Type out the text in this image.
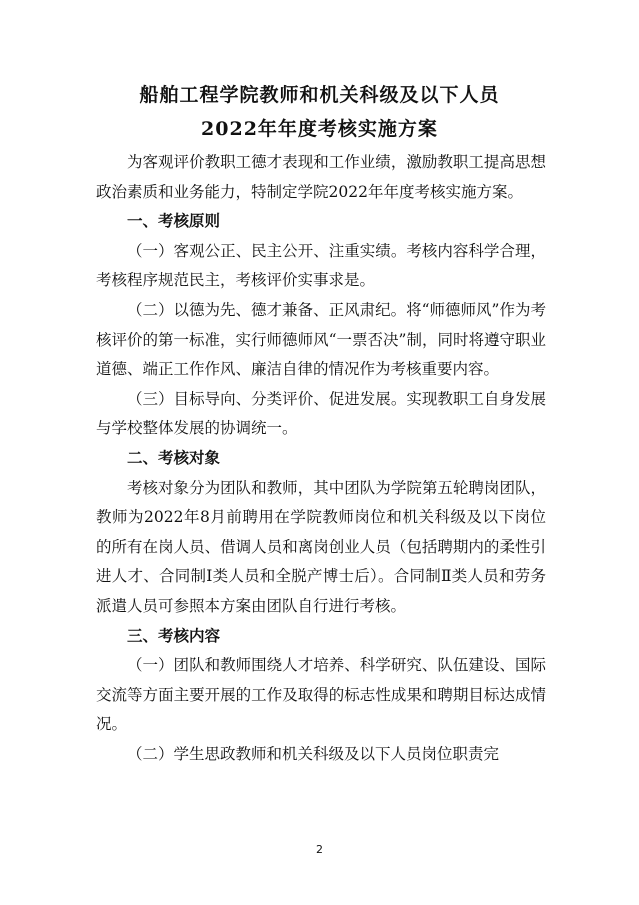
船舶工程学院教师和机关科级及以下人员
2022年年度考核实施方案

为客观评价教职工德才表现和工作业绩，激励教职工提高思想政治素质和业务能力，特制定学院2022年年度考核实施方案。

一、考核原则

（一）客观公正、民主公开、注重实绩。考核内容科学合理，考核程序规范民主，考核评价实事求是。

（二）以德为先、德才兼备、正风肃纪。将“师德师风”作为考核评价的第一标准，实行师德师风“一票否决”制，同时将遵守职业道德、端正工作作风、廉洁自律的情况作为考核重要内容。

（三）目标导向、分类评价、促进发展。实现教职工自身发展与学校整体发展的协调统一。

二、考核对象

考核对象分为团队和教师，其中团队为学院第五轮聘岗团队，教师为2022年8月前聘用在学院教师岗位和机关科级及以下岗位的所有在岗人员、借调人员和离岗创业人员（包括聘期内的柔性引进人才、合同制Ⅰ类人员和全脱产博士后）。合同制Ⅱ类人员和劳务派遣人员可参照本方案由团队自行进行考核。

三、考核内容

（一）团队和教师围绕人才培养、科学研究、队伍建设、国际交流等方面主要开展的工作及取得的标志性成果和聘期目标达成情况。

（二）学生思政教师和机关科级及以下人员岗位职责完

2
